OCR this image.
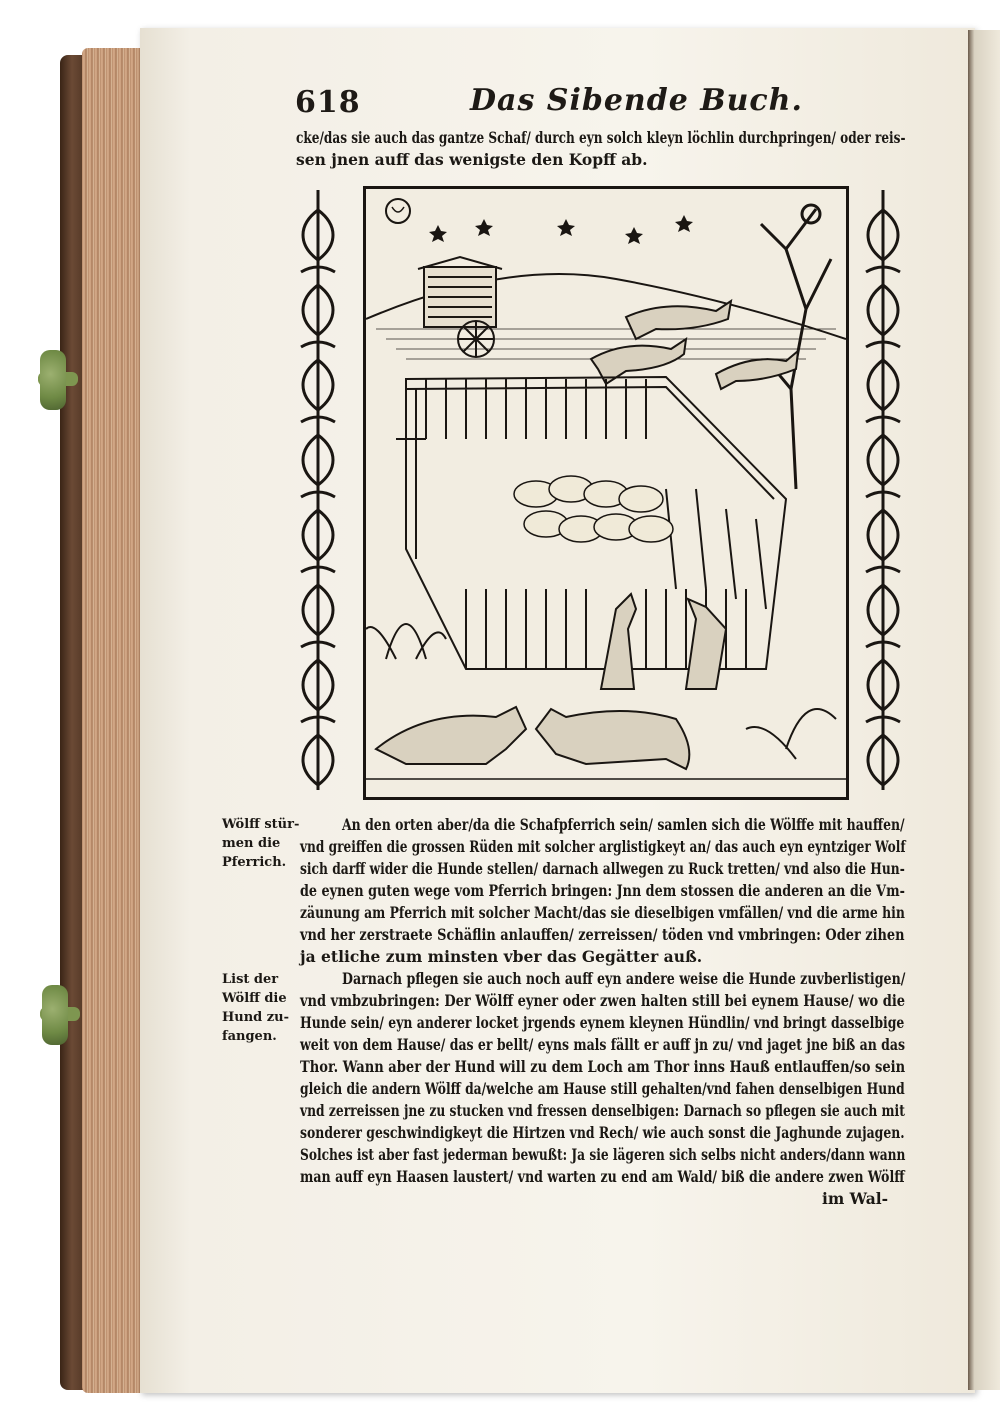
618	Das Sibende Buch.
cke/das sie auch das gantze Schaf/ durch eyn solch kleyn löchlin durchpringen/ oder reis-
sen jnen auff das wenigste den Kopff ab.
Wölff stür-
men die
Pferrich.
List der
Wölff die
Hund zu-
fangen.
An den orten aber/da die Schafpferrich sein/ samlen sich die Wölffe mit hauffen/
vnd greiffen die grossen Rüden mit solcher arglistigkeyt an/ das auch eyn eyntziger Wolf
sich darff wider die Hunde stellen/ darnach allwegen zu Ruck tretten/ vnd also die Hun-
de eynen guten wege vom Pferrich bringen: Jnn dem stossen die anderen an die Vm-
zäunung am Pferrich mit solcher Macht/das sie dieselbigen vmfällen/ vnd die arme hin
vnd her zerstraete Schäflin anlauffen/ zerreissen/ töden vnd vmbringen: Oder zihen
ja etliche zum minsten vber das Gegätter auß.
Darnach pflegen sie auch noch auff eyn andere weise die Hunde zuvberlistigen/
vnd vmbzubringen: Der Wölff eyner oder zwen halten still bei eynem Hause/ wo die
Hunde sein/ eyn anderer locket jrgends eynem kleynen Hündlin/ vnd bringt dasselbige
weit von dem Hause/ das er bellt/ eyns mals fällt er auff jn zu/ vnd jaget jne biß an das
Thor. Wann aber der Hund will zu dem Loch am Thor inns Hauß entlauffen/so sein
gleich die andern Wölff da/welche am Hause still gehalten/vnd fahen denselbigen Hund
vnd zerreissen jne zu stucken vnd fressen denselbigen: Darnach so pflegen sie auch mit
sonderer geschwindigkeyt die Hirtzen vnd Rech/ wie auch sonst die Jaghunde zujagen.
Solches ist aber fast jederman bewußt: Ja sie lägeren sich selbs nicht anders/dann wann
man auff eyn Haasen laustert/ vnd warten zu end am Wald/ biß die andere zwen Wölff
im Wal-
